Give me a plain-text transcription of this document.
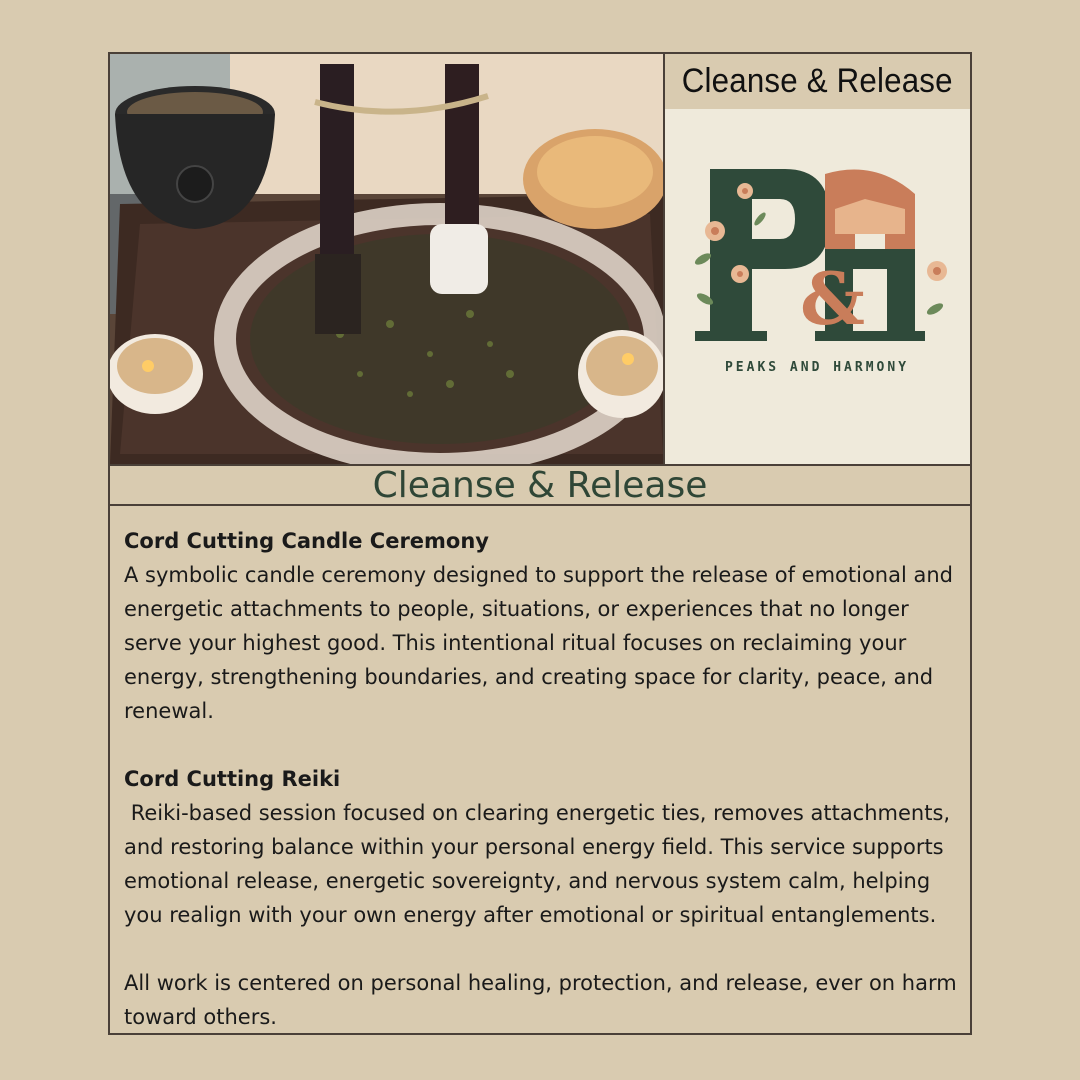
Cleanse & Release
&
PEAKS AND HARMONY
Cleanse & Release

Cord Cutting Candle Ceremony

A symbolic candle ceremony designed to support the release of emotional and energetic attachments to people, situations, or experiences that no longer serve your highest good. This intentional ritual focuses on reclaiming your energy, strengthening boundaries, and creating space for clarity, peace, and renewal.

Cord Cutting Reiki

Reiki-based session focused on clearing energetic ties, removes attachments, and restoring balance within your personal energy field. This service supports emotional release, energetic sovereignty, and nervous system calm, helping you realign with your own energy after emotional or spiritual entanglements.

All work is centered on personal healing, protection, and release, ever on harm toward others.
